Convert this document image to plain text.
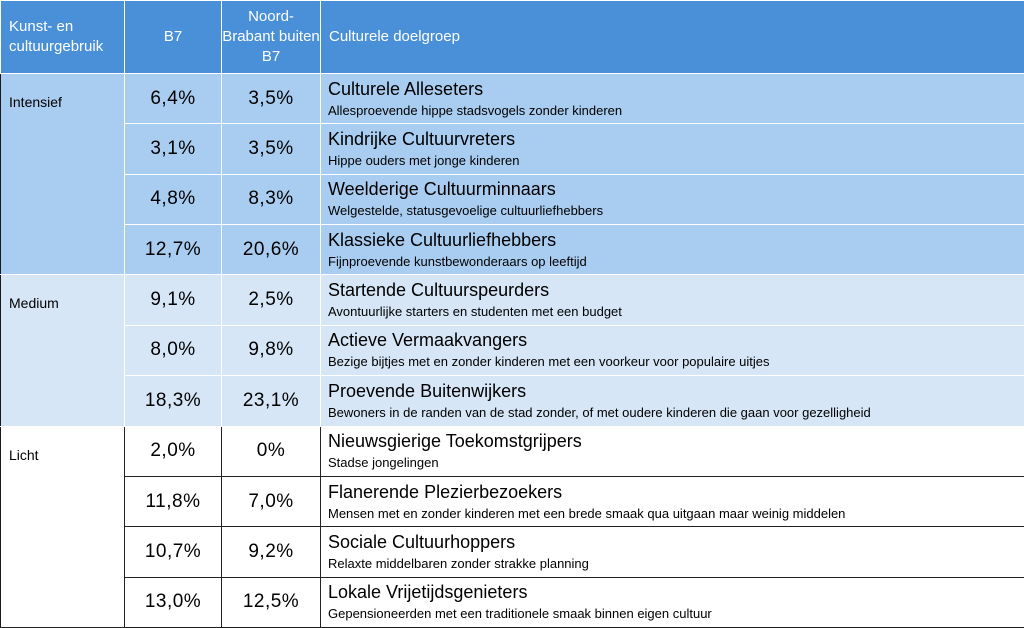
Kunst- en cultuurgebruik	B7	Noord-Brabant buiten B7	Culturele doelgroep
Intensief	6,4%	3,5%	Culturele Alleseters
Allesproevende hippe stadsvogels zonder kinderen

	3,1%	3,5%	Kindrijke Cultuurvreters
Hippe ouders met jonge kinderen

	4,8%	8,3%	Weelderige Cultuurminnaars
Welgestelde, statusgevoelige cultuurliefhebbers

	12,7%	20,6%	Klassieke Cultuurliefhebbers
Fijnproevende kunstbewonderaars op leeftijd

Medium	9,1%	2,5%	Startende Cultuurspeurders
Avontuurlijke starters en studenten met een budget

	8,0%	9,8%	Actieve Vermaakvangers
Bezige bijtjes met en zonder kinderen met een voorkeur voor populaire uitjes

	18,3%	23,1%	Proevende Buitenwijkers
Bewoners in de randen van de stad zonder, of met oudere kinderen die gaan voor gezelligheid

Licht	2,0%	0%	Nieuwsgierige Toekomstgrijpers
Stadse jongelingen

	11,8%	7,0%	Flanerende Plezierbezoekers
Mensen met en zonder kinderen met een brede smaak qua uitgaan maar weinig middelen

	10,7%	9,2%	Sociale Cultuurhoppers
Relaxte middelbaren zonder strakke planning

	13,0%	12,5%	Lokale Vrijetijdsgenieters
Gepensioneerden met een traditionele smaak binnen eigen cultuur
